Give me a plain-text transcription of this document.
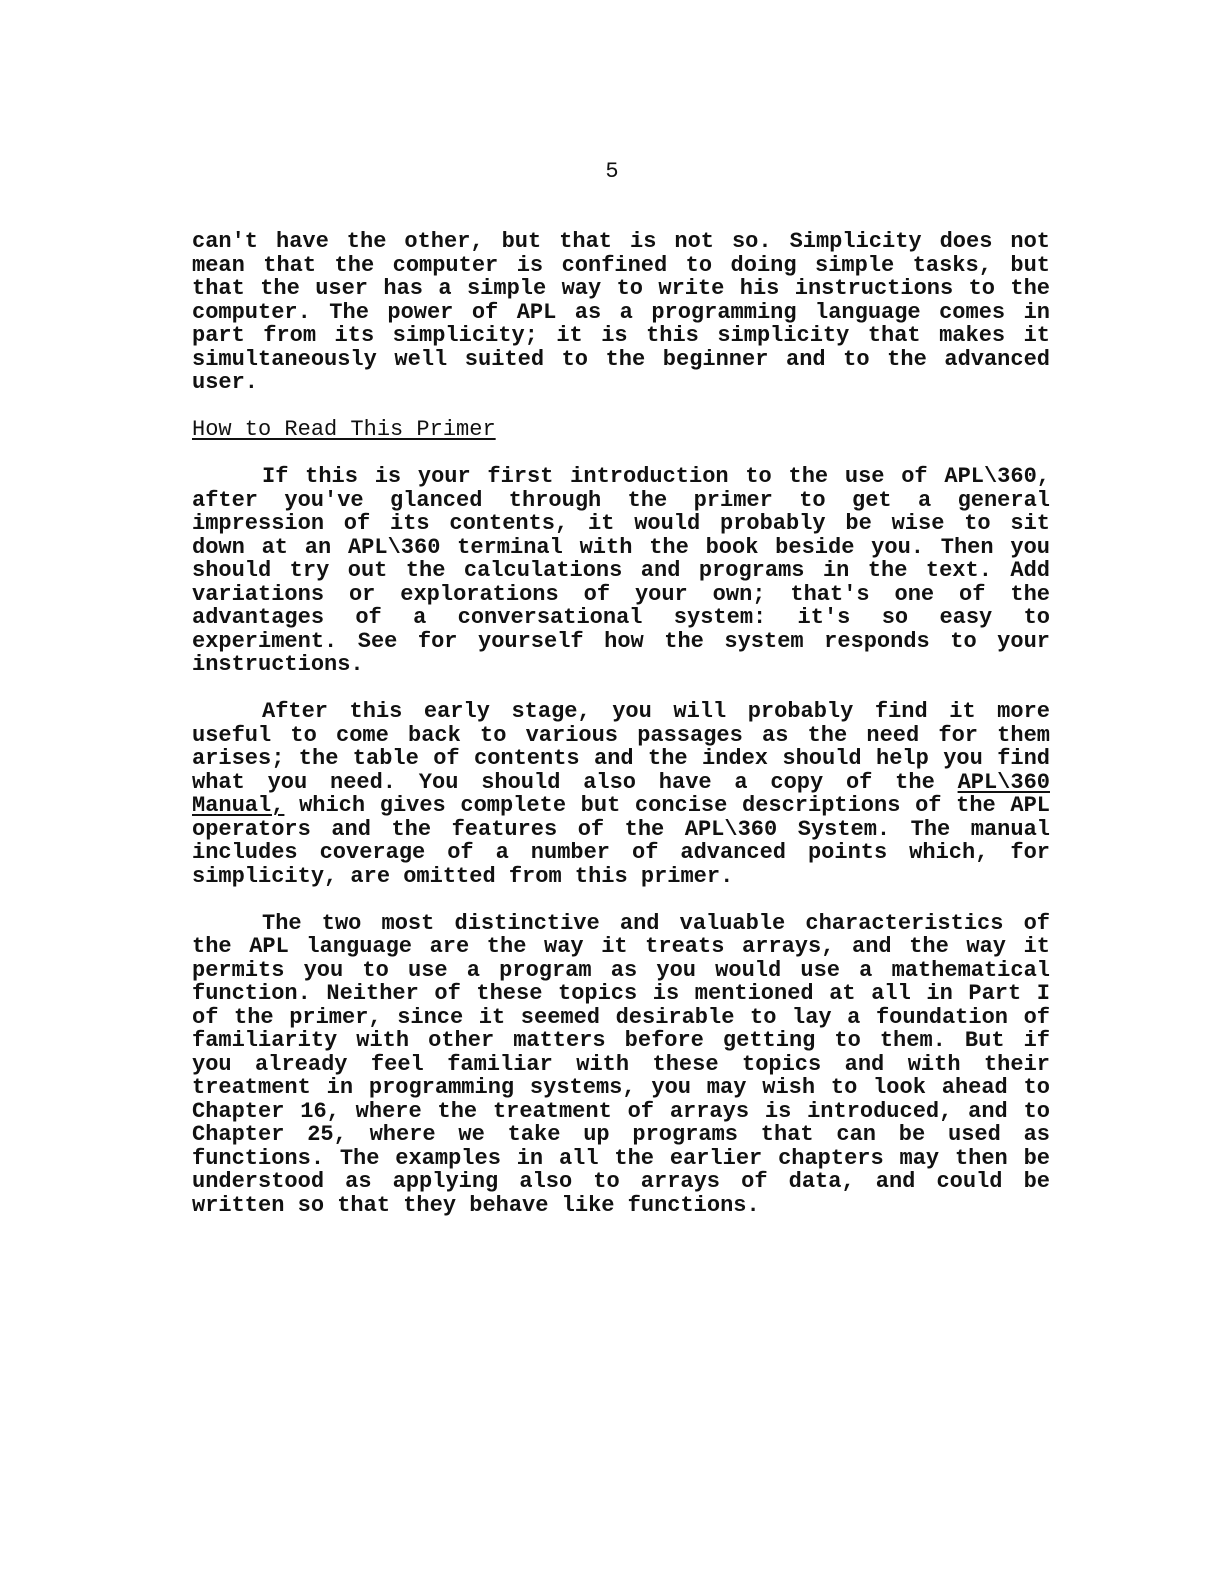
5

can't have the other, but that is not so. Simplicity does not mean that the computer is confined to doing simple tasks, but that the user has a simple way to write his instructions to the computer. The power of APL as a programming language comes in part from its simplicity; it is this simplicity that makes it simultaneously well suited to the beginner and to the advanced user.

How to Read This Primer

If this is your first introduction to the use of APL\360, after you've glanced through the primer to get a general impression of its contents, it would probably be wise to sit down at an APL\360 terminal with the book beside you. Then you should try out the calculations and programs in the text. Add variations or explorations of your own; that's one of the advantages of a conversational system: it's so easy to experiment. See for yourself how the system responds to your instructions.

After this early stage, you will probably find it more useful to come back to various passages as the need for them arises; the table of contents and the index should help you find what you need. You should also have a copy of the APL\360 Manual, which gives complete but concise descriptions of the APL operators and the features of the APL\360 System. The manual includes coverage of a number of advanced points which, for simplicity, are omitted from this primer.

The two most distinctive and valuable characteristics of the APL language are the way it treats arrays, and the way it permits you to use a program as you would use a mathematical function. Neither of these topics is mentioned at all in Part I of the primer, since it seemed desirable to lay a foundation of familiarity with other matters before getting to them. But if you already feel familiar with these topics and with their treatment in programming systems, you may wish to look ahead to Chapter 16, where the treatment of arrays is introduced, and to Chapter 25, where we take up programs that can be used as functions. The examples in all the earlier chapters may then be understood as applying also to arrays of data, and could be written so that they behave like functions.
